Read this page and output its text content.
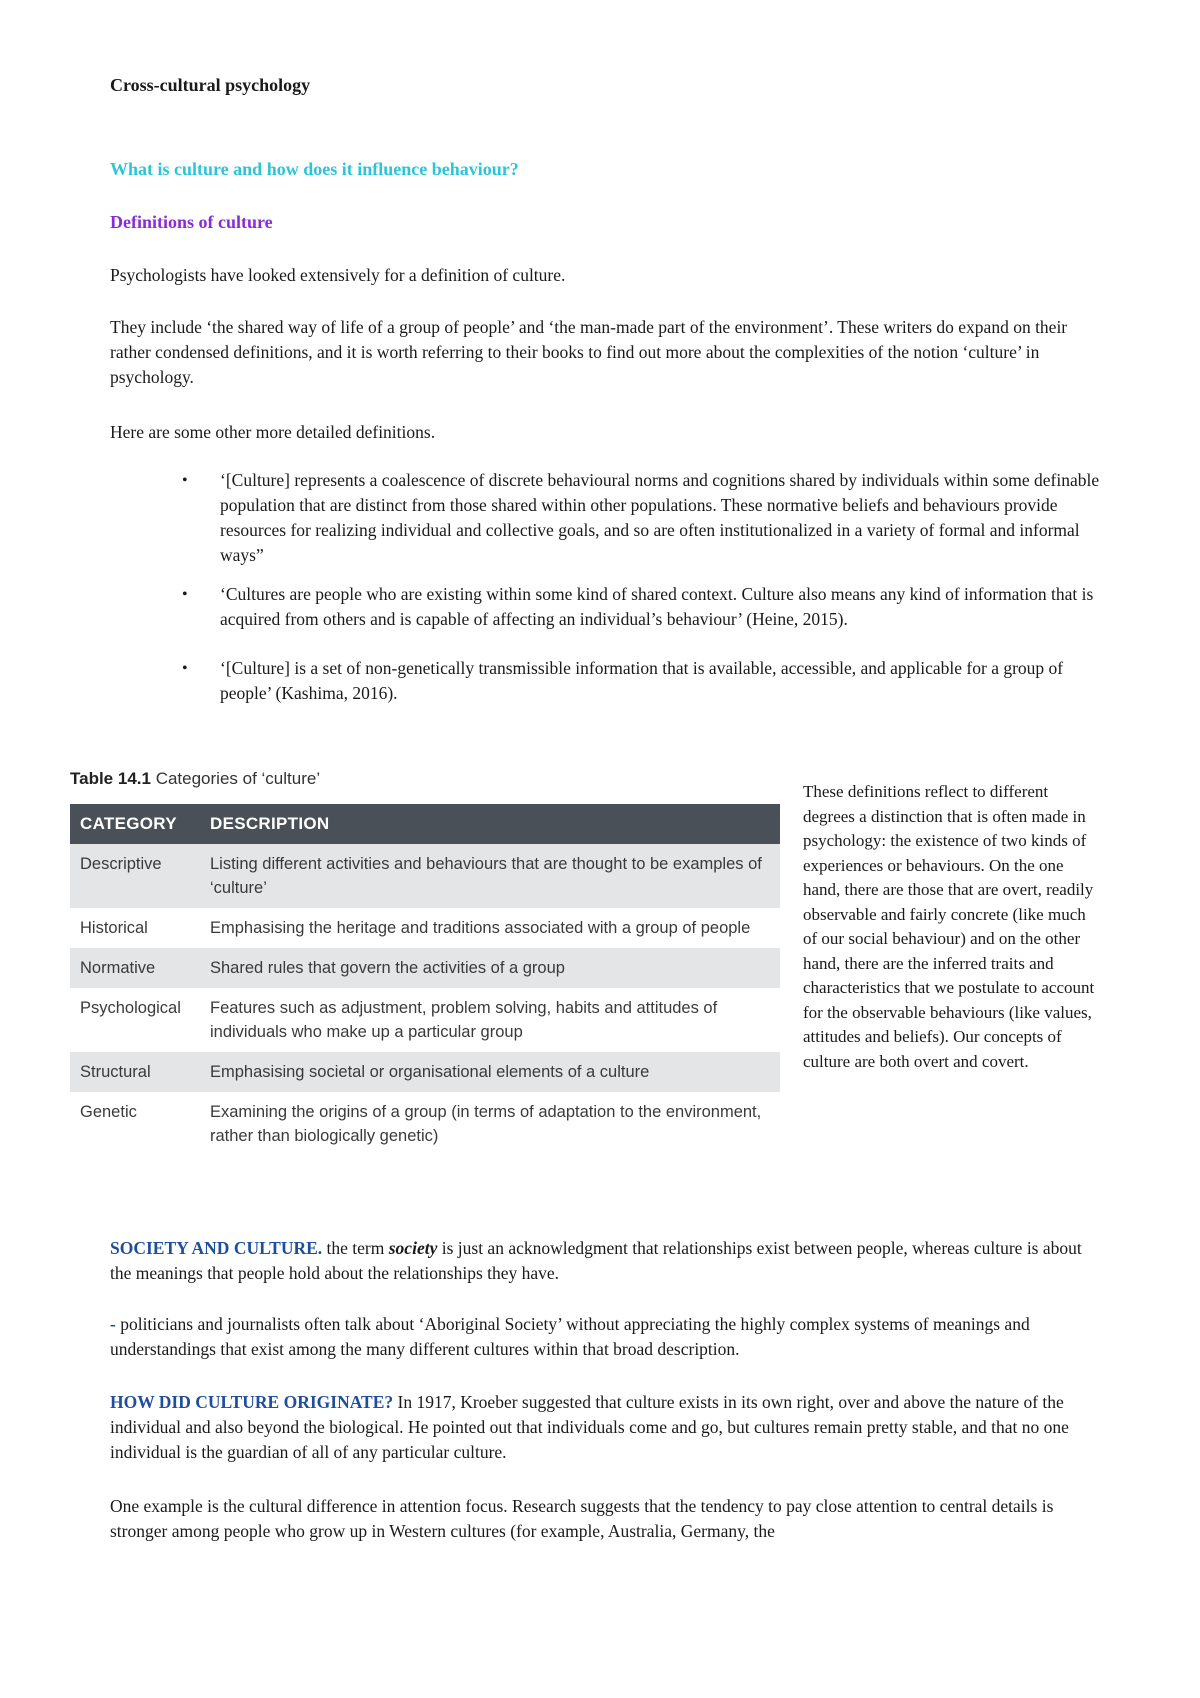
Cross-cultural psychology

What is culture and how does it influence behaviour?

Definitions of culture

Psychologists have looked extensively for a definition of culture.

They include ‘the shared way of life of a group of people’ and ‘the man-made part of the environment’. These writers do expand on their rather condensed definitions, and it is worth referring to their books to find out more about the complexities of the notion ‘culture’ in psychology.

Here are some other more detailed definitions.

• ‘[Culture] represents a coalescence of discrete behavioural norms and cognitions shared by individuals within some definable population that are distinct from those shared within other populations. These normative beliefs and behaviours provide resources for realizing individual and collective goals, and so are often institutionalized in a variety of formal and informal ways”
• ‘Cultures are people who are existing within some kind of shared context. Culture also means any kind of information that is acquired from others and is capable of affecting an individual’s behaviour’ (Heine, 2015).
• ‘[Culture] is a set of non-genetically transmissible information that is available, accessible, and applicable for a group of people’ (Kashima, 2016).

Table 14.1 Categories of ‘culture’

CATEGORY	DESCRIPTION
Descriptive	Listing different activities and behaviours that are thought to be examples of ‘culture’
Historical	Emphasising the heritage and traditions associated with a group of people
Normative	Shared rules that govern the activities of a group
Psychological	Features such as adjustment, problem solving, habits and attitudes of individuals who make up a particular group
Structural	Emphasising societal or organisational elements of a culture
Genetic	Examining the origins of a group (in terms of adaptation to the environment, rather than biologically genetic)

These definitions reflect to different degrees a distinction that is often made in psychology: the existence of two kinds of experiences or behaviours. On the one hand, there are those that are overt, readily observable and fairly concrete (like much of our social behaviour) and on the other hand, there are the inferred traits and characteristics that we postulate to account for the observable behaviours (like values, attitudes and beliefs). Our concepts of culture are both overt and covert.

SOCIETY AND CULTURE. the term society is just an acknowledgment that relationships exist between people, whereas culture is about the meanings that people hold about the relationships they have.

- politicians and journalists often talk about ‘Aboriginal Society’ without appreciating the highly complex systems of meanings and understandings that exist among the many different cultures within that broad description.

HOW DID CULTURE ORIGINATE? In 1917, Kroeber suggested that culture exists in its own right, over and above the nature of the individual and also beyond the biological. He pointed out that individuals come and go, but cultures remain pretty stable, and that no one individual is the guardian of all of any particular culture.

One example is the cultural difference in attention focus. Research suggests that the tendency to pay close attention to central details is stronger among people who grow up in Western cultures (for example, Australia, Germany, the
